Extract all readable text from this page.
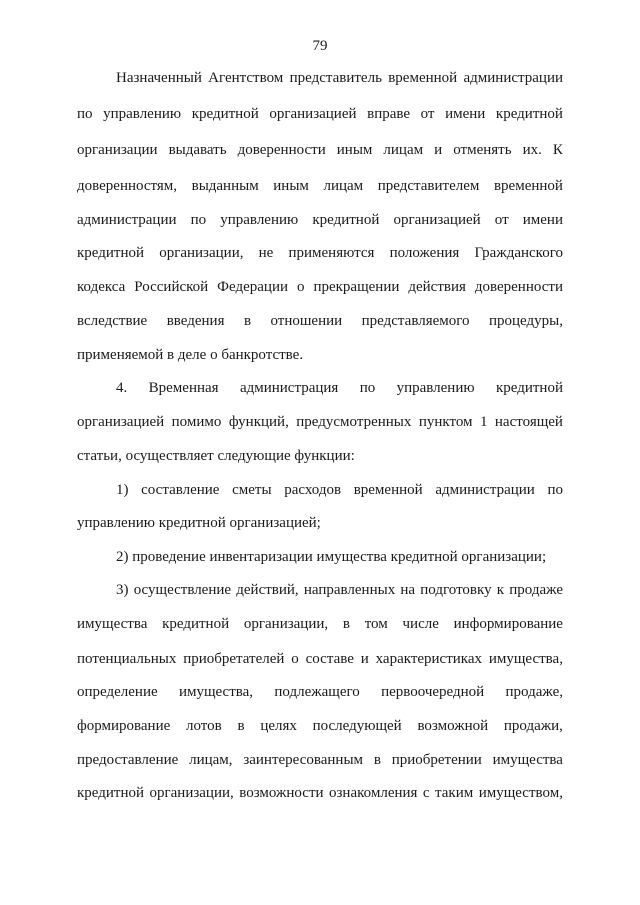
79
Назначенный Агентством представитель временной администрации
по управлению кредитной организацией вправе от имени кредитной
организации выдавать доверенности иным лицам и отменять их. К
доверенностям, выданным иным лицам представителем временной
администрации по управлению кредитной организацией от имени
кредитной организации, не применяются положения Гражданского
кодекса Российской Федерации о прекращении действия доверенности
вследствие введения в отношении представляемого процедуры,
применяемой в деле о банкротстве.
4. Временная администрация по управлению кредитной
организацией помимо функций, предусмотренных пунктом 1 настоящей
статьи, осуществляет следующие функции:
1) составление сметы расходов временной администрации по
управлению кредитной организацией;
2) проведение инвентаризации имущества кредитной организации;
3) осуществление действий, направленных на подготовку к продаже
имущества кредитной организации, в том числе информирование
потенциальных приобретателей о составе и характеристиках имущества,
определение имущества, подлежащего первоочередной продаже,
формирование лотов в целях последующей возможной продажи,
предоставление лицам, заинтересованным в приобретении имущества
кредитной организации, возможности ознакомления с таким имуществом,
